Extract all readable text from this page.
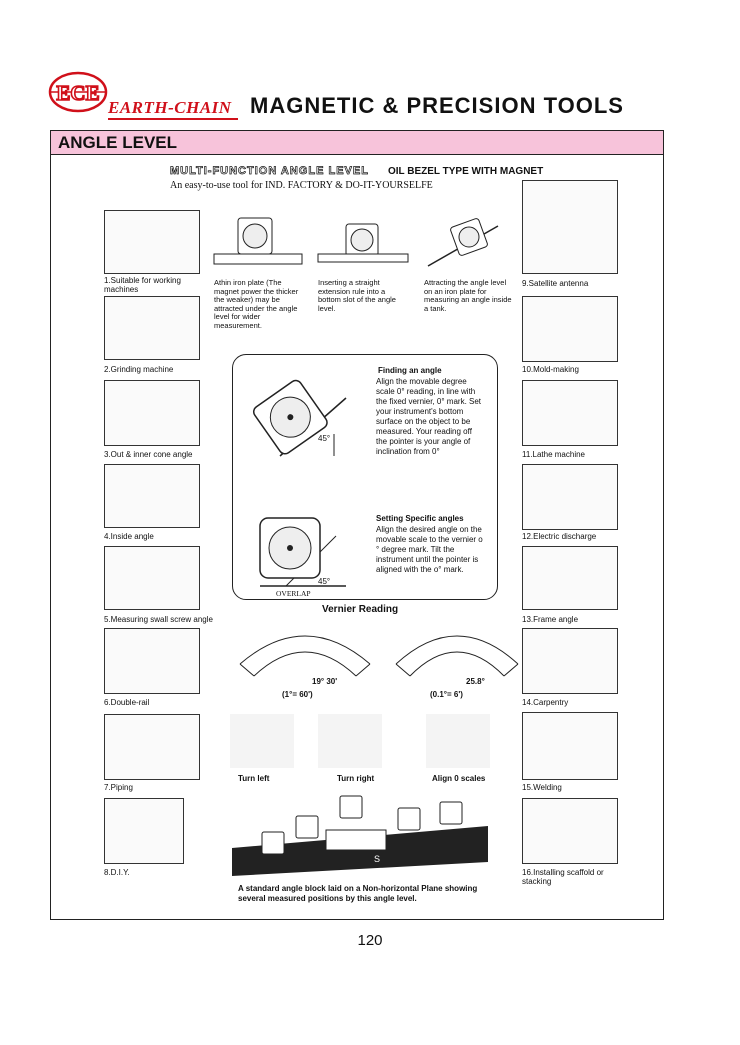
ECE
EARTH-CHAIN MAGNETIC & PRECISION TOOLS
ANGLE LEVEL
MULTI-FUNCTION ANGLE LEVEL OIL BEZEL TYPE WITH MAGNET
An easy-to-use tool for IND. FACTORY & DO-IT-YOURSELFE
1.Suitable for working machines
2.Grinding machine
3.Out & inner cone angle
4.Inside angle
5.Measuring swall screw angle
6.Double-rail
7.Piping
8.D.I.Y.
9.Satellite antenna
10.Mold-making
11.Lathe machine
12.Electric discharge
13.Frame angle
14.Carpentry
15.Welding
16.Installing scaffold or stacking
Athin iron plate (The magnet power the thicker the weaker) may be attracted under the angle level for wider measurement.
Inserting a straight extension rule into a bottom slot of the angle level.
Attracting the angle level on an iron plate for measuring an angle inside a tank.
45°
Finding an angle
Align the movable degree scale 0° reading, in line with the fixed vernier, 0° mark. Set your instrument's bottom surface on the object to be measured. Your reading off the pointer is your angle of inclination from 0°
45°
OVERLAP
Setting Specific angles
Align the desired angle on the movable scale to the vernier o ° degree mark. Tilt the instrument until the pointer is aligned with the o° mark.
Vernier Reading
19° 30'
(1°= 60')
25.8°
(0.1°= 6')
Turn left	Turn right	Align 0 scales
S
A standard angle block laid on a Non-horizontal Plane showing several measured positions by this angle level.
120
